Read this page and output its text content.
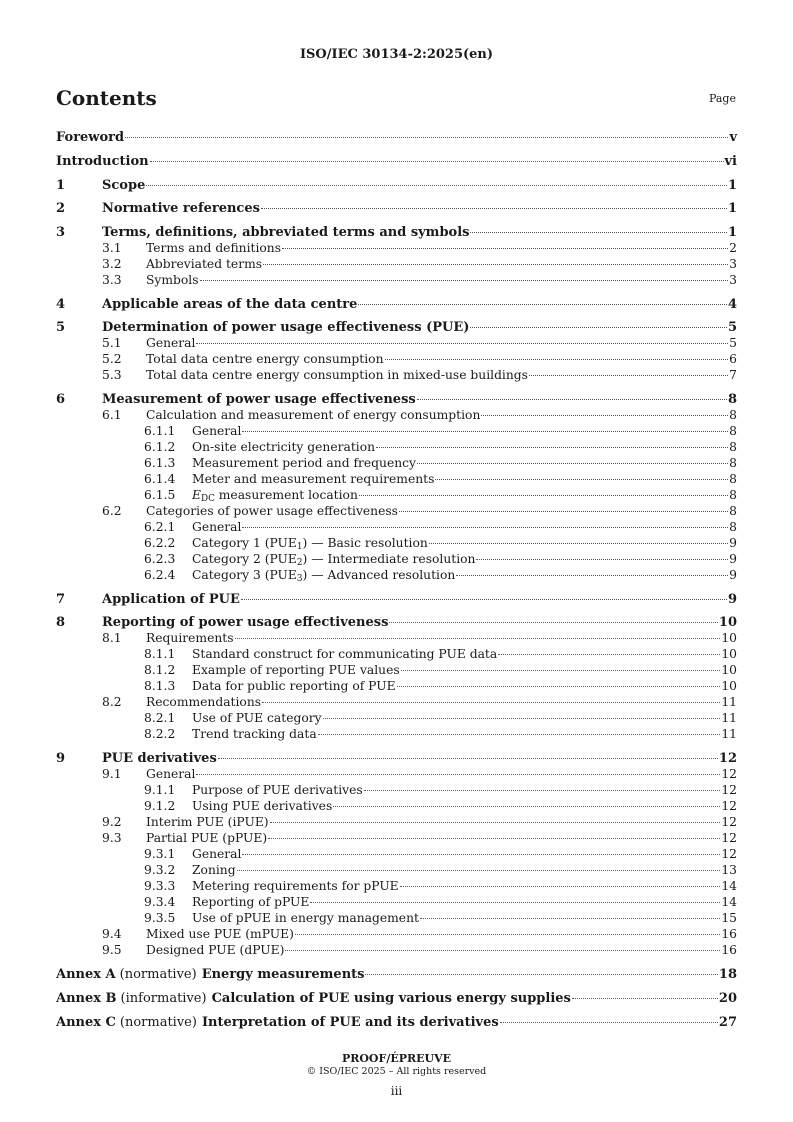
ISO/IEC 30134-2:2025(en)
Contents	Page
Foreword	v
Introduction	vi
1	Scope	1
2	Normative references	1
3	Terms, definitions, abbreviated terms and symbols	1
3.1	Terms and definitions	2
3.2	Abbreviated terms	3
3.3	Symbols	3
4	Applicable areas of the data centre	4
5	Determination of power usage effectiveness (PUE)	5
5.1	General	5
5.2	Total data centre energy consumption	6
5.3	Total data centre energy consumption in mixed-use buildings	7
6	Measurement of power usage effectiveness	8
6.1	Calculation and measurement of energy consumption	8
6.1.1	General	8
6.1.2	On-site electricity generation	8
6.1.3	Measurement period and frequency	8
6.1.4	Meter and measurement requirements	8
6.1.5	$E_{DC}$ measurement location	8
6.2	Categories of power usage effectiveness	8
6.2.1	General	8
6.2.2	Category 1 $(PUE_1)$ — Basic resolution	9
6.2.3	Category 2 $(PUE_2)$ — Intermediate resolution	9
6.2.4	Category 3 $(PUE_3)$ — Advanced resolution	9
7	Application of PUE	9
8	Reporting of power usage effectiveness	10
8.1	Requirements	10
8.1.1	Standard construct for communicating PUE data	10
8.1.2	Example of reporting PUE values	10
8.1.3	Data for public reporting of PUE	10
8.2	Recommendations	11
8.2.1	Use of PUE category	11
8.2.2	Trend tracking data	11
9	PUE derivatives	12
9.1	General	12
9.1.1	Purpose of PUE derivatives	12
9.1.2	Using PUE derivatives	12
9.2	Interim PUE (iPUE)	12
9.3	Partial PUE (pPUE)	12
9.3.1	General	12
9.3.2	Zoning	13
9.3.3	Metering requirements for pPUE	14
9.3.4	Reporting of pPUE	14
9.3.5	Use of pPUE in energy management	15
9.4	Mixed use PUE (mPUE)	16
9.5	Designed PUE (dPUE)	16
Annex A (normative) Energy measurements	18
Annex B (informative) Calculation of PUE using various energy supplies	20
Annex C (normative) Interpretation of PUE and its derivatives	27
PROOF/ÉPREUVE
© ISO/IEC 2025 – All rights reserved
iii
